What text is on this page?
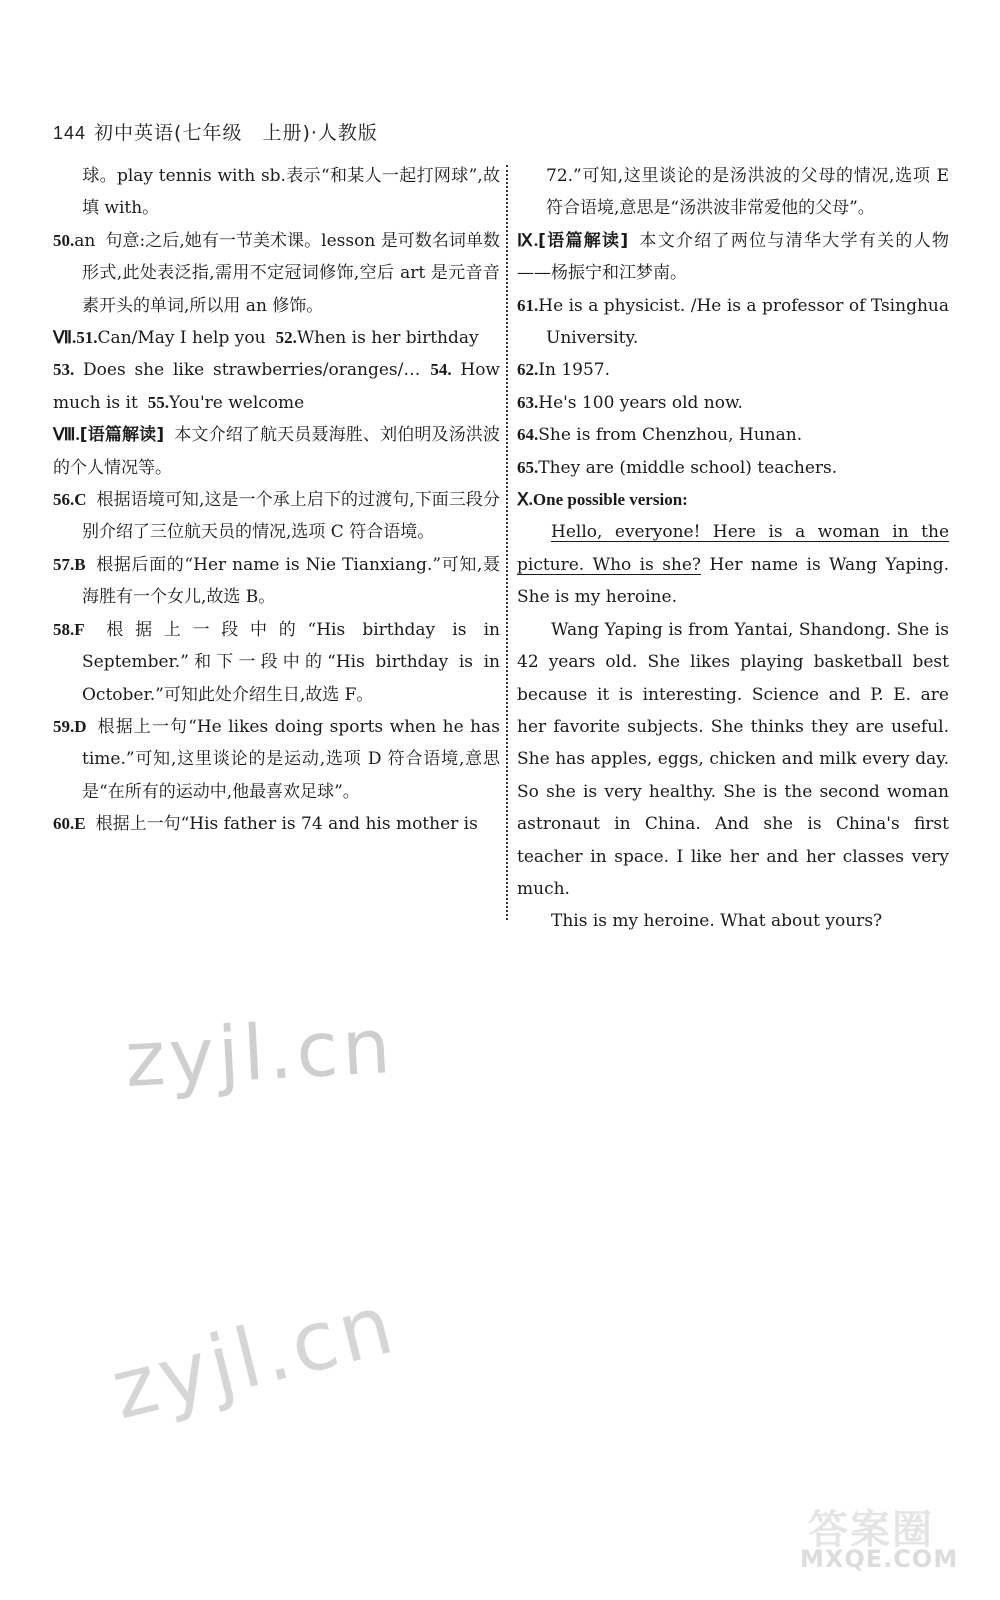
144 初中英语(七年级　上册)·人教版

球。play tennis with sb.表示“和某人一起打网球”,故填 with。

50.an 句意:之后,她有一节美术课。lesson 是可数名词单数形式,此处表泛指,需用不定冠词修饰,空后 art 是元音音素开头的单词,所以用 an 修饰。

Ⅶ.51.Can/May I help you 52.When is her birthday

53. Does she like strawberries/oranges/… 54. How much is it 55.You're welcome

Ⅷ.[语篇解读] 本文介绍了航天员聂海胜、刘伯明及汤洪波的个人情况等。

56.C 根据语境可知,这是一个承上启下的过渡句,下面三段分别介绍了三位航天员的情况,选项 C 符合语境。

57.B 根据后面的“Her name is Nie Tianxiang.”可知,聂海胜有一个女儿,故选 B。

58.F 根据上一段中的“His birthday is in September.”和下一段中的“His birthday is in October.”可知此处介绍生日,故选 F。

59.D 根据上一句“He likes doing sports when he has time.”可知,这里谈论的是运动,选项 D 符合语境,意思是“在所有的运动中,他最喜欢足球”。

60.E 根据上一句“His father is 74 and his mother is

72.”可知,这里谈论的是汤洪波的父母的情况,选项 E 符合语境,意思是“汤洪波非常爱他的父母”。

Ⅸ.[语篇解读] 本文介绍了两位与清华大学有关的人物——杨振宁和江梦南。

61.He is a physicist. /He is a professor of Tsinghua University.

62.In 1957.

63.He's 100 years old now.

64.She is from Chenzhou, Hunan.

65.They are (middle school) teachers.

Ⅹ.One possible version:

Hello, everyone! Here is a woman in the picture. Who is she? Her name is Wang Yaping. She is my heroine.

Wang Yaping is from Yantai, Shandong. She is 42 years old. She likes playing basketball best because it is interesting. Science and P. E. are her favorite subjects. She thinks they are useful. She has apples, eggs, chicken and milk every day. So she is very healthy. She is the second woman astronaut in China. And she is China's first teacher in space. I like her and her classes very much.

This is my heroine. What about yours?

zyjl.cn
zyjl.cn
答案圈
MXQE.COM
